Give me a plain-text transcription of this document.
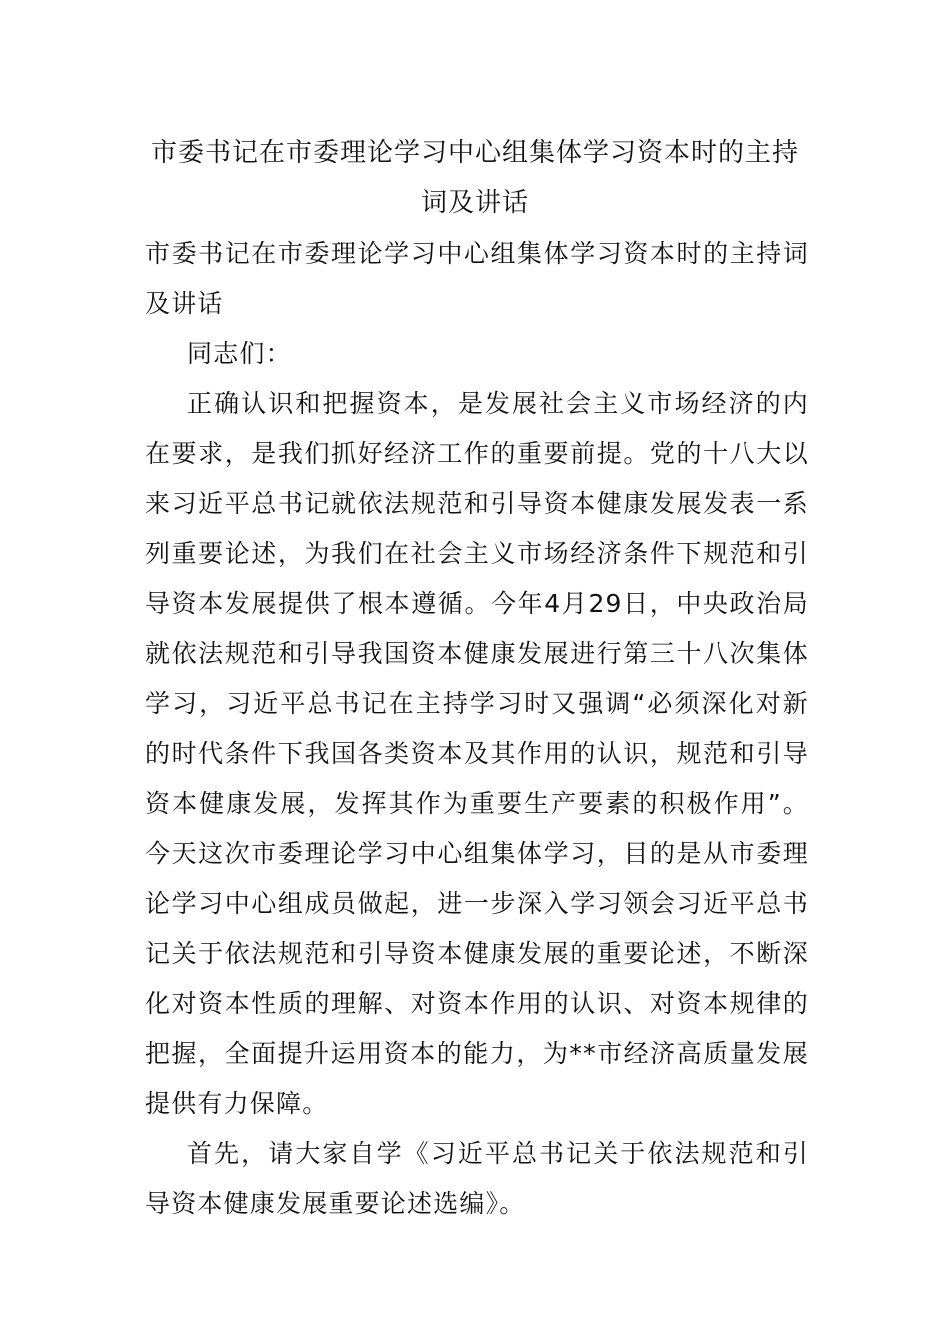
市委书记在市委理论学习中心组集体学习资本时的主持词及讲话

市委书记在市委理论学习中心组集体学习资本时的主持词及讲话

同志们：

正确认识和把握资本，是发展社会主义市场经济的内在要求，是我们抓好经济工作的重要前提。党的十八大以来习近平总书记就依法规范和引导资本健康发展发表一系列重要论述，为我们在社会主义市场经济条件下规范和引导资本发展提供了根本遵循。今年4月29日，中央政治局就依法规范和引导我国资本健康发展进行第三十八次集体学习，习近平总书记在主持学习时又强调“必须深化对新的时代条件下我国各类资本及其作用的认识，规范和引导资本健康发展，发挥其作为重要生产要素的积极作用”。今天这次市委理论学习中心组集体学习，目的是从市委理论学习中心组成员做起，进一步深入学习领会习近平总书记关于依法规范和引导资本健康发展的重要论述，不断深化对资本性质的理解、对资本作用的认识、对资本规律的把握，全面提升运用资本的能力，为**市经济高质量发展提供有力保障。

首先，请大家自学《习近平总书记关于依法规范和引导资本健康发展重要论述选编》。
